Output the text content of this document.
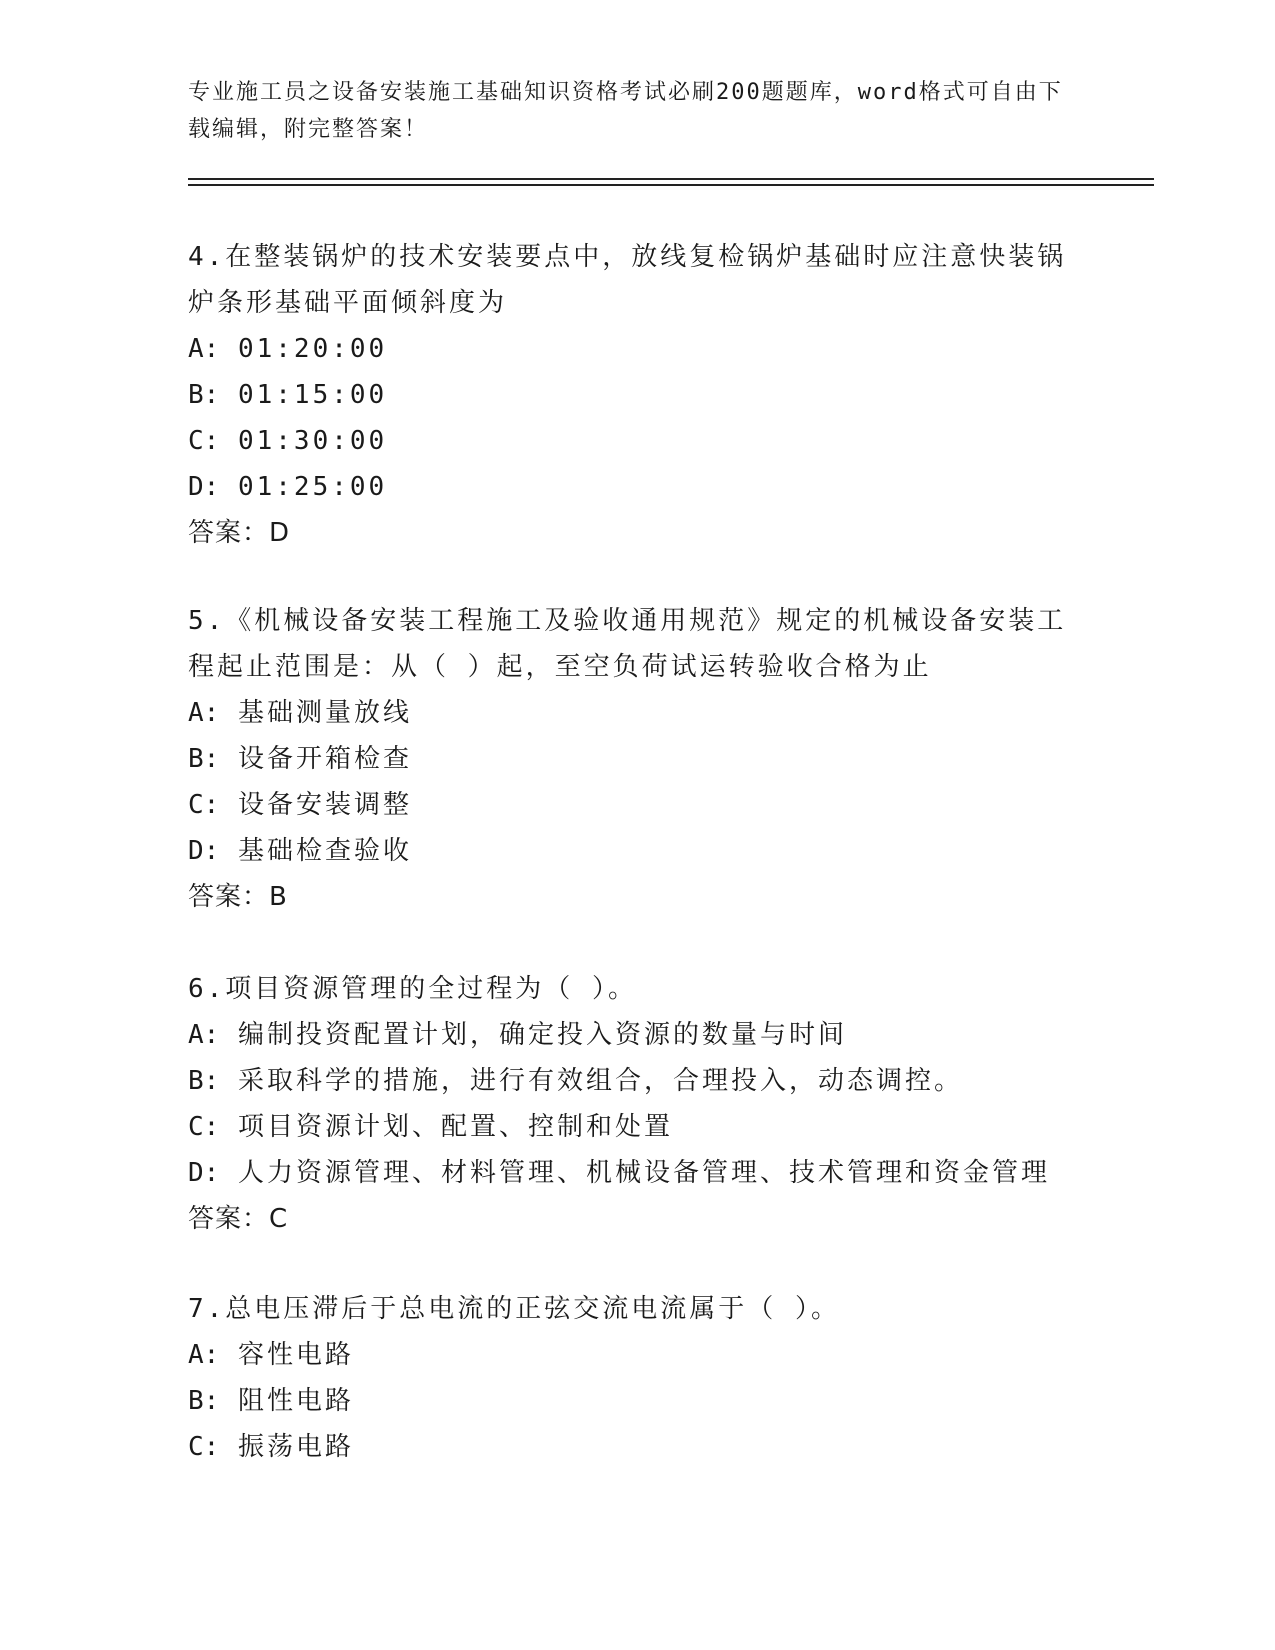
专业施工员之设备安装施工基础知识资格考试必刷200题题库，word格式可自由下载编辑，附完整答案！
4.在整装锅炉的技术安装要点中，放线复检锅炉基础时应注意快装锅炉条形基础平面倾斜度为
A: 01:20:00
B: 01:15:00
C: 01:30:00
D: 01:25:00
答案：D
5.《机械设备安装工程施工及验收通用规范》规定的机械设备安装工程起止范围是：从（ ）起，至空负荷试运转验收合格为止
A: 基础测量放线
B: 设备开箱检查
C: 设备安装调整
D: 基础检查验收
答案：B
6.项目资源管理的全过程为（ ）。
A: 编制投资配置计划，确定投入资源的数量与时间
B: 采取科学的措施，进行有效组合，合理投入，动态调控。
C: 项目资源计划、配置、控制和处置
D: 人力资源管理、材料管理、机械设备管理、技术管理和资金管理
答案：C
7.总电压滞后于总电流的正弦交流电流属于（ ）。
A: 容性电路
B: 阻性电路
C: 振荡电路
